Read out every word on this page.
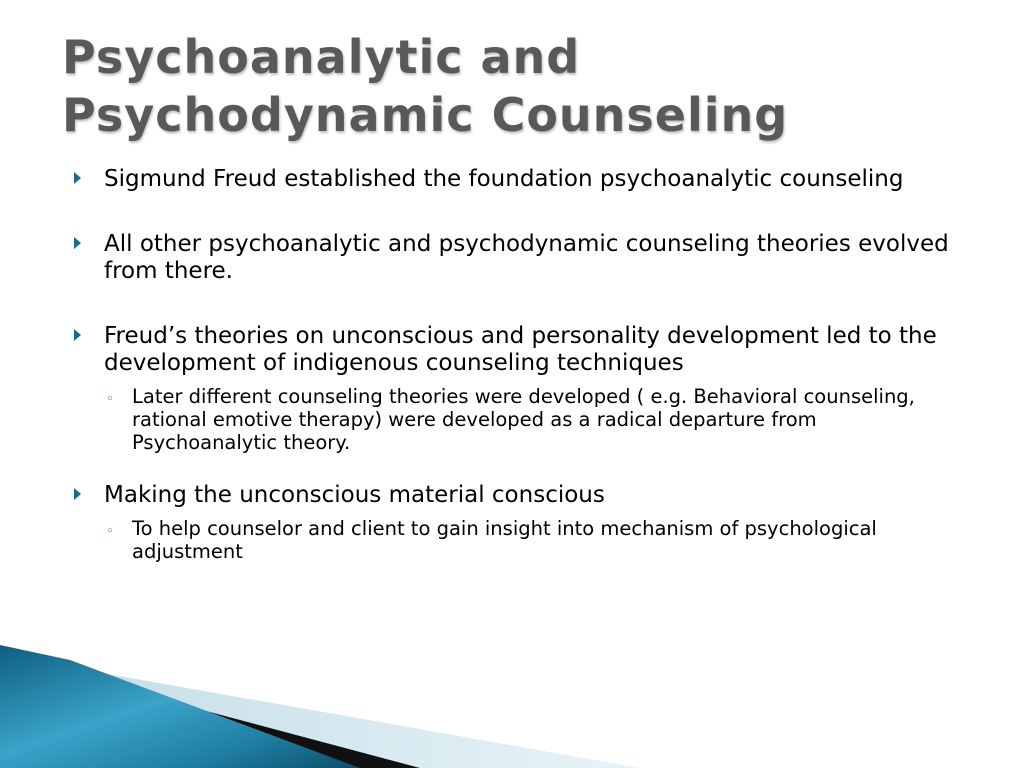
Psychoanalytic and Psychodynamic Counseling
Sigmund Freud established the foundation psychoanalytic counseling
All other psychoanalytic and psychodynamic counseling theories evolved from there.
Freud’s theories on unconscious and personality development led to the development of indigenous counseling techniques
◦ Later different counseling theories were developed ( e.g. Behavioral counseling, rational emotive therapy) were developed as a radical departure from Psychoanalytic theory.
Making the unconscious material conscious
◦ To help counselor and client to gain insight into mechanism of psychological adjustment
